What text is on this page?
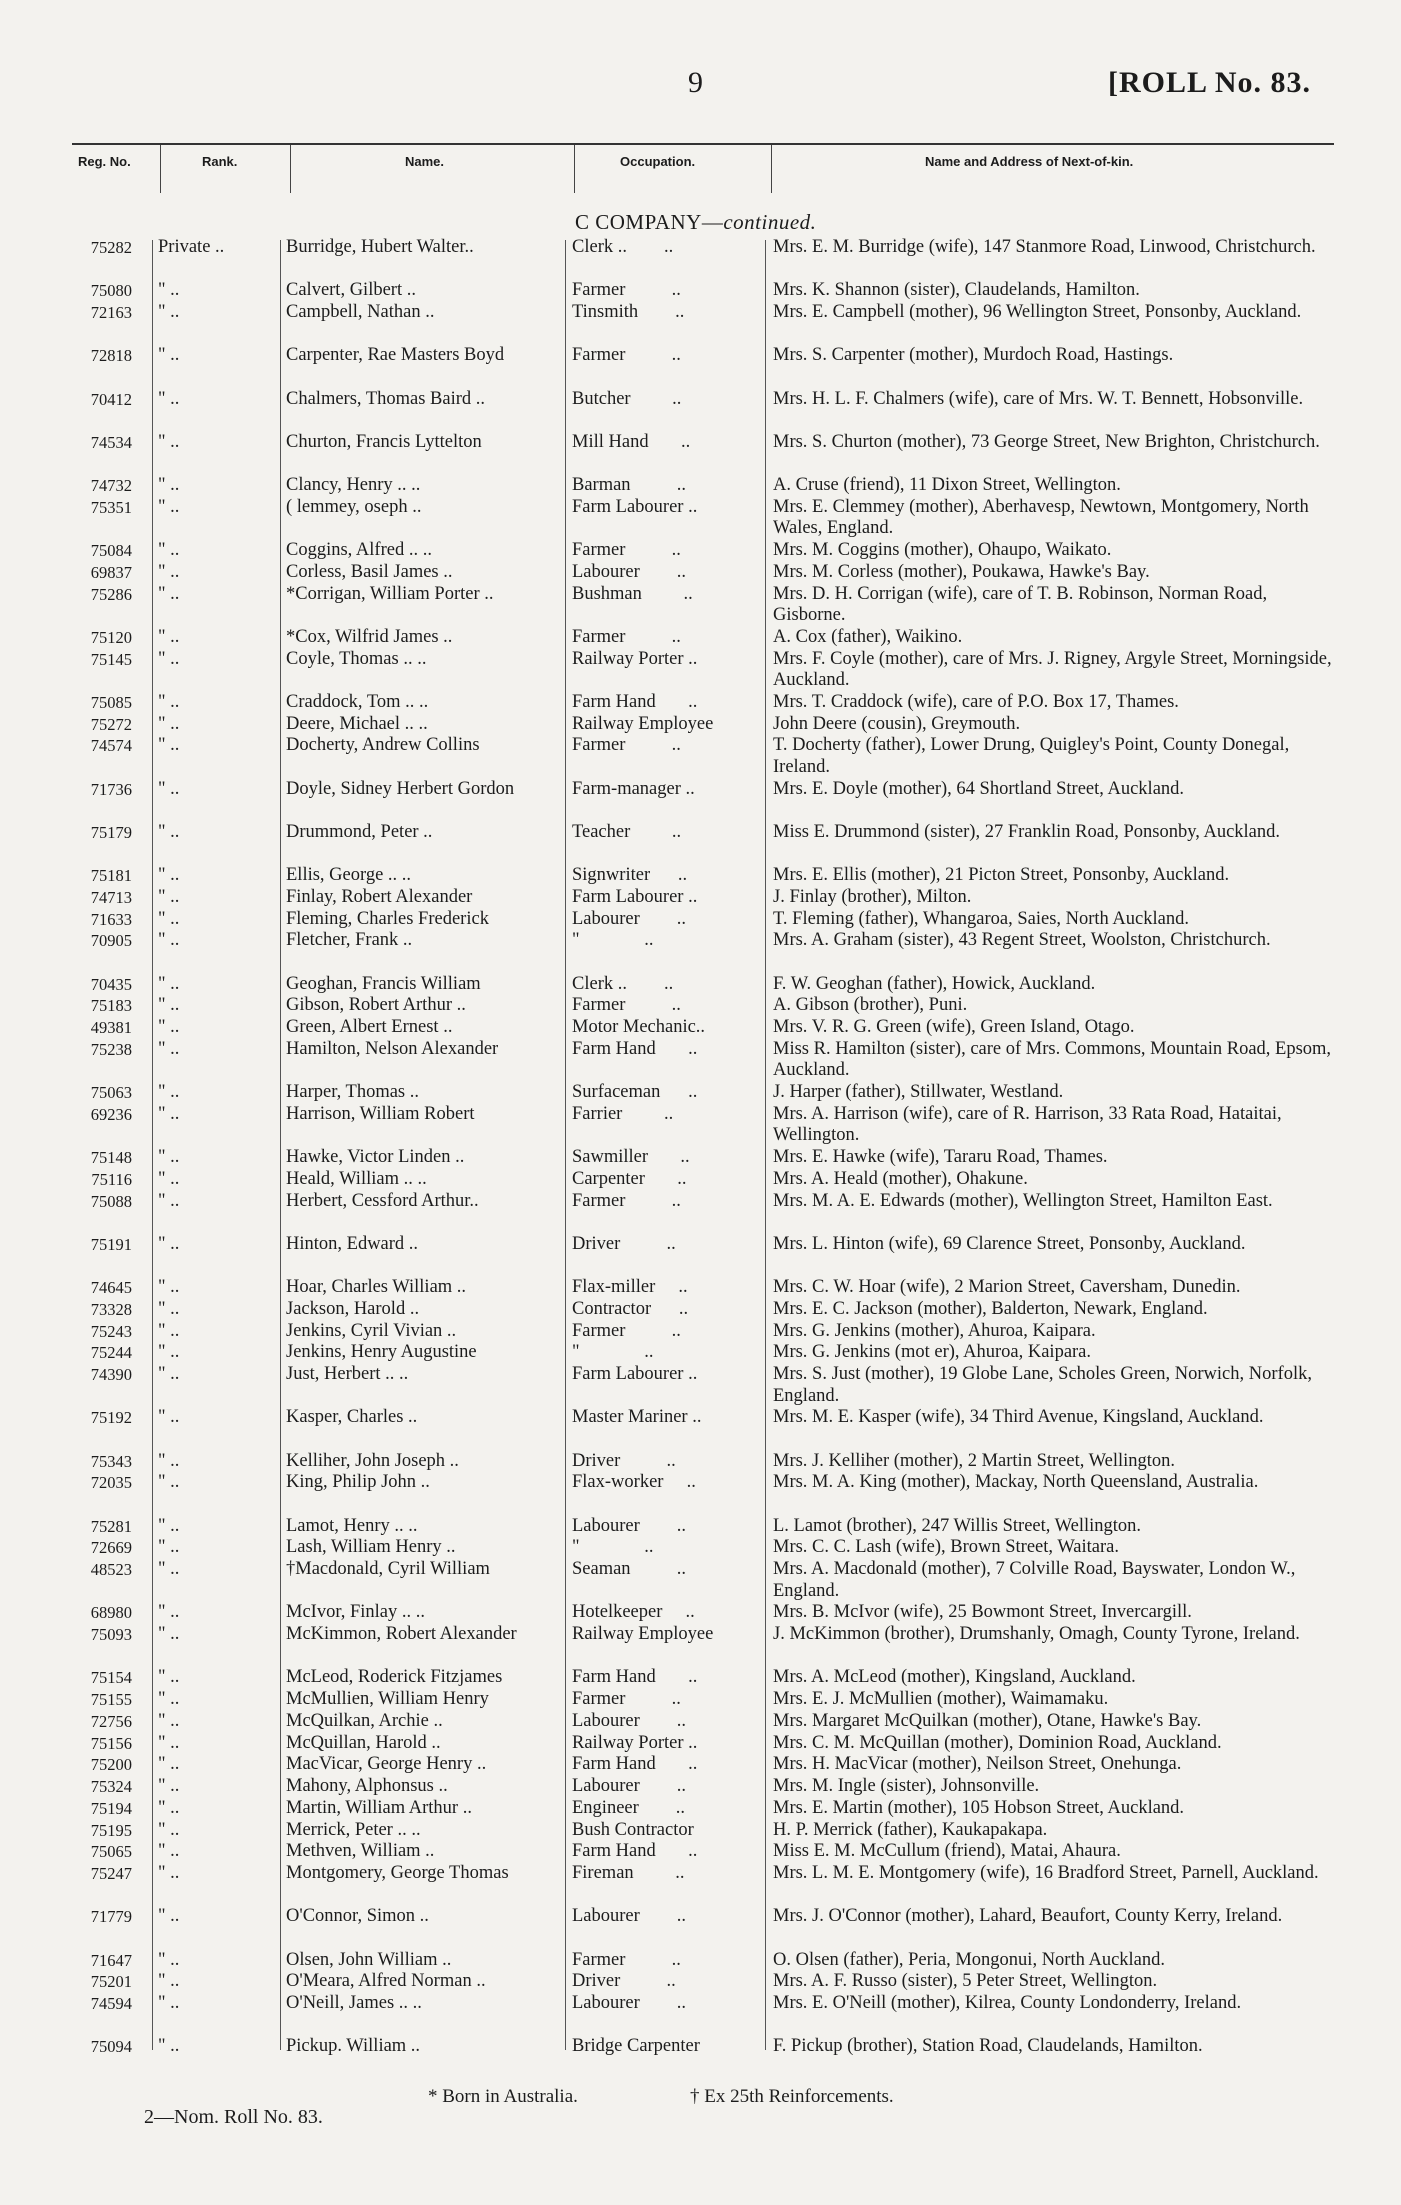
9	[ROLL No. 83.
Reg. No.	Rank.	Name.	Occupation.	Name and Address of Next-of-kin.
C COMPANY—continued.
75282 Private ..	Burridge, Hubert Walter..	Clerk ..        ..	Mrs. E. M. Burridge (wife), 147 Stanmore Road, Linwood, Christchurch.
75080 " ..	Calvert, Gilbert ..	Farmer          ..	Mrs. K. Shannon (sister), Claudelands, Hamilton.
72163 " ..	Campbell, Nathan ..	Tinsmith        ..	Mrs. E. Campbell (mother), 96 Wellington Street, Ponsonby, Auckland.
72818 " ..	Carpenter, Rae Masters Boyd	Farmer          ..	Mrs. S. Carpenter (mother), Murdoch Road, Hastings.
70412 " ..	Chalmers, Thomas Baird ..	Butcher         ..	Mrs. H. L. F. Chalmers (wife), care of Mrs. W. T. Bennett, Hobsonville.
74534 " ..	Churton, Francis Lyttelton	Mill Hand       ..	Mrs. S. Churton (mother), 73 George Street, New Brighton, Christchurch.
74732 " ..	Clancy, Henry .. ..	Barman          ..	A. Cruse (friend), 11 Dixon Street, Wellington.
75351 " ..	( lemmey, oseph ..	Farm Labourer ..	Mrs. E. Clemmey (mother), Aberhavesp, Newtown, Montgomery, North Wales, England.
75084 " ..	Coggins, Alfred .. ..	Farmer          ..	Mrs. M. Coggins (mother), Ohaupo, Waikato.
69837 " ..	Corless, Basil James ..	Labourer        ..	Mrs. M. Corless (mother), Poukawa, Hawke's Bay.
75286 " ..	*Corrigan, William Porter ..	Bushman         ..	Mrs. D. H. Corrigan (wife), care of T. B. Robinson, Norman Road, Gisborne.
75120 " ..	*Cox, Wilfrid James ..	Farmer          ..	A. Cox (father), Waikino.
75145 " ..	Coyle, Thomas .. ..	Railway Porter ..	Mrs. F. Coyle (mother), care of Mrs. J. Rigney, Argyle Street, Morningside, Auckland.
75085 " ..	Craddock, Tom .. ..	Farm Hand       ..	Mrs. T. Craddock (wife), care of P.O. Box 17, Thames.
75272 " ..	Deere, Michael .. ..	Railway Employee	John Deere (cousin), Greymouth.
74574 " ..	Docherty, Andrew Collins	Farmer          ..	T. Docherty (father), Lower Drung, Quigley's Point, County Donegal, Ireland.
71736 " ..	Doyle, Sidney Herbert Gordon	Farm-manager ..	Mrs. E. Doyle (mother), 64 Shortland Street, Auckland.
75179 " ..	Drummond, Peter ..	Teacher         ..	Miss E. Drummond (sister), 27 Franklin Road, Ponsonby, Auckland.
75181 " ..	Ellis, George .. ..	Signwriter      ..	Mrs. E. Ellis (mother), 21 Picton Street, Ponsonby, Auckland.
74713 " ..	Finlay, Robert Alexander	Farm Labourer ..	J. Finlay (brother), Milton.
71633 " ..	Fleming, Charles Frederick	Labourer        ..	T. Fleming (father), Whangaroa, Saies, North Auckland.
70905 " ..	Fletcher, Frank ..	"              ..	Mrs. A. Graham (sister), 43 Regent Street, Woolston, Christchurch.
70435 " ..	Geoghan, Francis William	Clerk ..        ..	F. W. Geoghan (father), Howick, Auckland.
75183 " ..	Gibson, Robert Arthur ..	Farmer          ..	A. Gibson (brother), Puni.
49381 " ..	Green, Albert Ernest ..	Motor Mechanic..	Mrs. V. R. G. Green (wife), Green Island, Otago.
75238 " ..	Hamilton, Nelson Alexander	Farm Hand       ..	Miss R. Hamilton (sister), care of Mrs. Commons, Mountain Road, Epsom, Auckland.
75063 " ..	Harper, Thomas ..	Surfaceman      ..	J. Harper (father), Stillwater, Westland.
69236 " ..	Harrison, William Robert	Farrier         ..	Mrs. A. Harrison (wife), care of R. Harrison, 33 Rata Road, Hataitai, Wellington.
75148 " ..	Hawke, Victor Linden ..	Sawmiller       ..	Mrs. E. Hawke (wife), Tararu Road, Thames.
75116 " ..	Heald, William .. ..	Carpenter       ..	Mrs. A. Heald (mother), Ohakune.
75088 " ..	Herbert, Cessford Arthur..	Farmer          ..	Mrs. M. A. E. Edwards (mother), Wellington Street, Hamilton East.
75191 " ..	Hinton, Edward ..	Driver          ..	Mrs. L. Hinton (wife), 69 Clarence Street, Ponsonby, Auckland.
74645 " ..	Hoar, Charles William ..	Flax-miller     ..	Mrs. C. W. Hoar (wife), 2 Marion Street, Caversham, Dunedin.
73328 " ..	Jackson, Harold ..	Contractor      ..	Mrs. E. C. Jackson (mother), Balderton, Newark, England.
75243 " ..	Jenkins, Cyril Vivian ..	Farmer          ..	Mrs. G. Jenkins (mother), Ahuroa, Kaipara.
75244 " ..	Jenkins, Henry Augustine	"              ..	Mrs. G. Jenkins (mot er), Ahuroa, Kaipara.
74390 " ..	Just, Herbert .. ..	Farm Labourer ..	Mrs. S. Just (mother), 19 Globe Lane, Scholes Green, Norwich, Norfolk, England.
75192 " ..	Kasper, Charles ..	Master Mariner ..	Mrs. M. E. Kasper (wife), 34 Third Avenue, Kingsland, Auckland.
75343 " ..	Kelliher, John Joseph ..	Driver          ..	Mrs. J. Kelliher (mother), 2 Martin Street, Wellington.
72035 " ..	King, Philip John ..	Flax-worker     ..	Mrs. M. A. King (mother), Mackay, North Queensland, Australia.
75281 " ..	Lamot, Henry .. ..	Labourer        ..	L. Lamot (brother), 247 Willis Street, Wellington.
72669 " ..	Lash, William Henry ..	"              ..	Mrs. C. C. Lash (wife), Brown Street, Waitara.
48523 " ..	†Macdonald, Cyril William	Seaman          ..	Mrs. A. Macdonald (mother), 7 Colville Road, Bayswater, London W., England.
68980 " ..	McIvor, Finlay .. ..	Hotelkeeper     ..	Mrs. B. McIvor (wife), 25 Bowmont Street, Invercargill.
75093 " ..	McKimmon, Robert Alexander	Railway Employee	J. McKimmon (brother), Drumshanly, Omagh, County Tyrone, Ireland.
75154 " ..	McLeod, Roderick Fitzjames	Farm Hand       ..	Mrs. A. McLeod (mother), Kingsland, Auckland.
75155 " ..	McMullien, William Henry	Farmer          ..	Mrs. E. J. McMullien (mother), Waimamaku.
72756 " ..	McQuilkan, Archie ..	Labourer        ..	Mrs. Margaret McQuilkan (mother), Otane, Hawke's Bay.
75156 " ..	McQuillan, Harold ..	Railway Porter ..	Mrs. C. M. McQuillan (mother), Dominion Road, Auckland.
75200 " ..	MacVicar, George Henry ..	Farm Hand       ..	Mrs. H. MacVicar (mother), Neilson Street, Onehunga.
75324 " ..	Mahony, Alphonsus ..	Labourer        ..	Mrs. M. Ingle (sister), Johnsonville.
75194 " ..	Martin, William Arthur ..	Engineer        ..	Mrs. E. Martin (mother), 105 Hobson Street, Auckland.
75195 " ..	Merrick, Peter .. ..	Bush Contractor	H. P. Merrick (father), Kaukapakapa.
75065 " ..	Methven, William ..	Farm Hand       ..	Miss E. M. McCullum (friend), Matai, Ahaura.
75247 " ..	Montgomery, George Thomas	Fireman         ..	Mrs. L. M. E. Montgomery (wife), 16 Bradford Street, Parnell, Auckland.
71779 " ..	O'Connor, Simon ..	Labourer        ..	Mrs. J. O'Connor (mother), Lahard, Beaufort, County Kerry, Ireland.
71647 " ..	Olsen, John William ..	Farmer          ..	O. Olsen (father), Peria, Mongonui, North Auckland.
75201 " ..	O'Meara, Alfred Norman ..	Driver          ..	Mrs. A. F. Russo (sister), 5 Peter Street, Wellington.
74594 " ..	O'Neill, James .. ..	Labourer        ..	Mrs. E. O'Neill (mother), Kilrea, County Londonderry, Ireland.
75094 " ..	Pickup. William ..	Bridge Carpenter	F. Pickup (brother), Station Road, Claudelands, Hamilton.
* Born in Australia.	† Ex 25th Reinforcements.
2—Nom. Roll No. 83.
